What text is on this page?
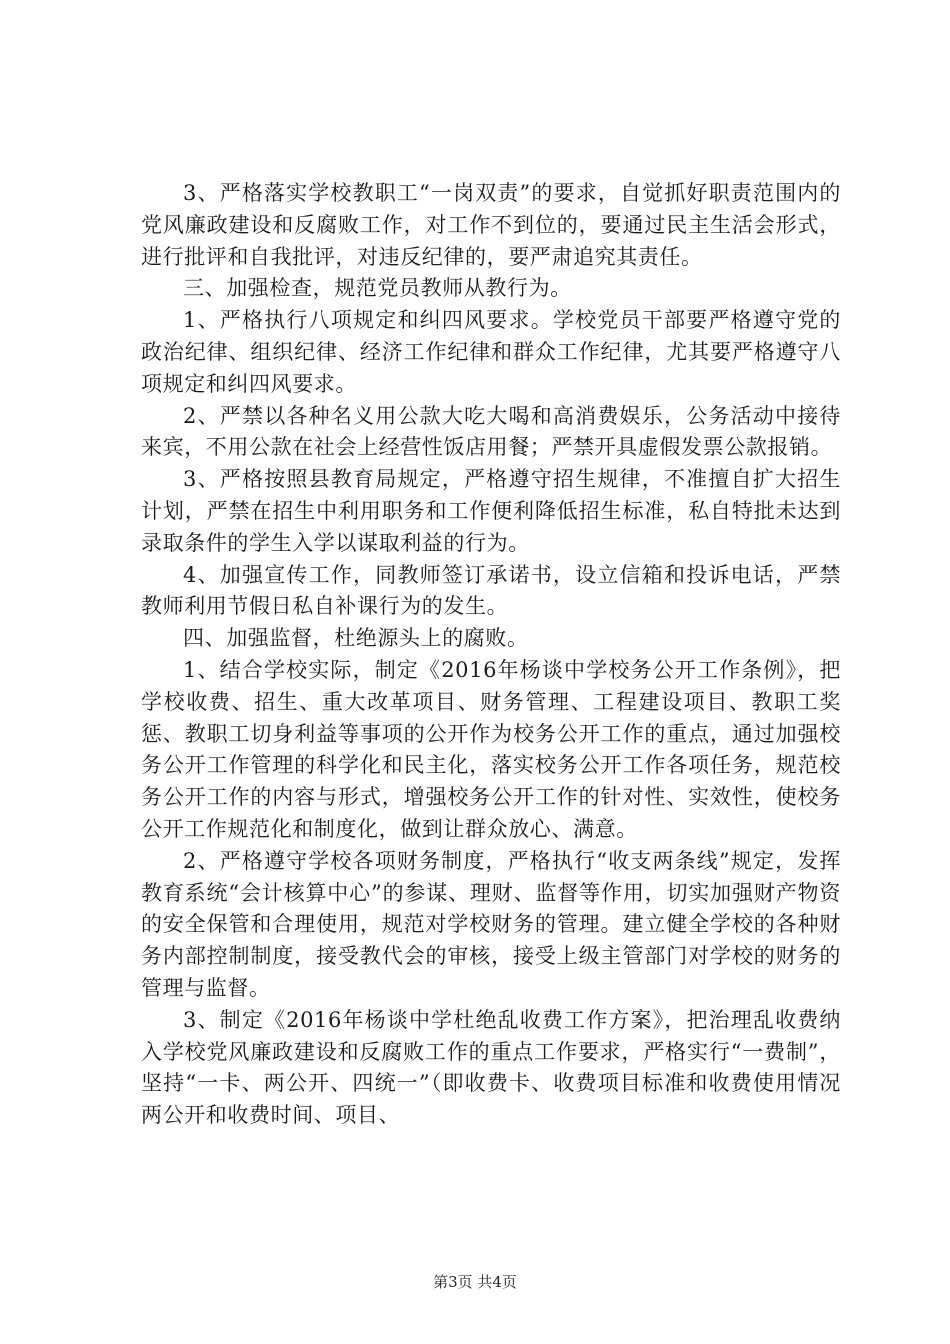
3、严格落实学校教职工“一岗双责”的要求，自觉抓好职责范围内的党风廉政建设和反腐败工作，对工作不到位的，要通过民主生活会形式，进行批评和自我批评，对违反纪律的，要严肃追究其责任。

三、加强检查，规范党员教师从教行为。

1、严格执行八项规定和纠四风要求。学校党员干部要严格遵守党的政治纪律、组织纪律、经济工作纪律和群众工作纪律，尤其要严格遵守八项规定和纠四风要求。

2、严禁以各种名义用公款大吃大喝和高消费娱乐，公务活动中接待来宾，不用公款在社会上经营性饭店用餐；严禁开具虚假发票公款报销。

3、严格按照县教育局规定，严格遵守招生规律，不准擅自扩大招生计划，严禁在招生中利用职务和工作便利降低招生标准，私自特批未达到录取条件的学生入学以谋取利益的行为。

4、加强宣传工作，同教师签订承诺书，设立信箱和投诉电话，严禁教师利用节假日私自补课行为的发生。

四、加强监督，杜绝源头上的腐败。

1、结合学校实际，制定《2016年杨谈中学校务公开工作条例》，把学校收费、招生、重大改革项目、财务管理、工程建设项目、教职工奖惩、教职工切身利益等事项的公开作为校务公开工作的重点，通过加强校务公开工作管理的科学化和民主化，落实校务公开工作各项任务，规范校务公开工作的内容与形式，增强校务公开工作的针对性、实效性，使校务公开工作规范化和制度化，做到让群众放心、满意。

2、严格遵守学校各项财务制度，严格执行“收支两条线”规定，发挥教育系统“会计核算中心”的参谋、理财、监督等作用，切实加强财产物资的安全保管和合理使用，规范对学校财务的管理。建立健全学校的各种财务内部控制制度，接受教代会的审核，接受上级主管部门对学校的财务的管理与监督。

3、制定《2016年杨谈中学杜绝乱收费工作方案》，把治理乱收费纳入学校党风廉政建设和反腐败工作的重点工作要求，严格实行“一费制”，坚持“一卡、两公开、四统一”（即收费卡、收费项目标准和收费使用情况两公开和收费时间、项目、

第3页 共4页
